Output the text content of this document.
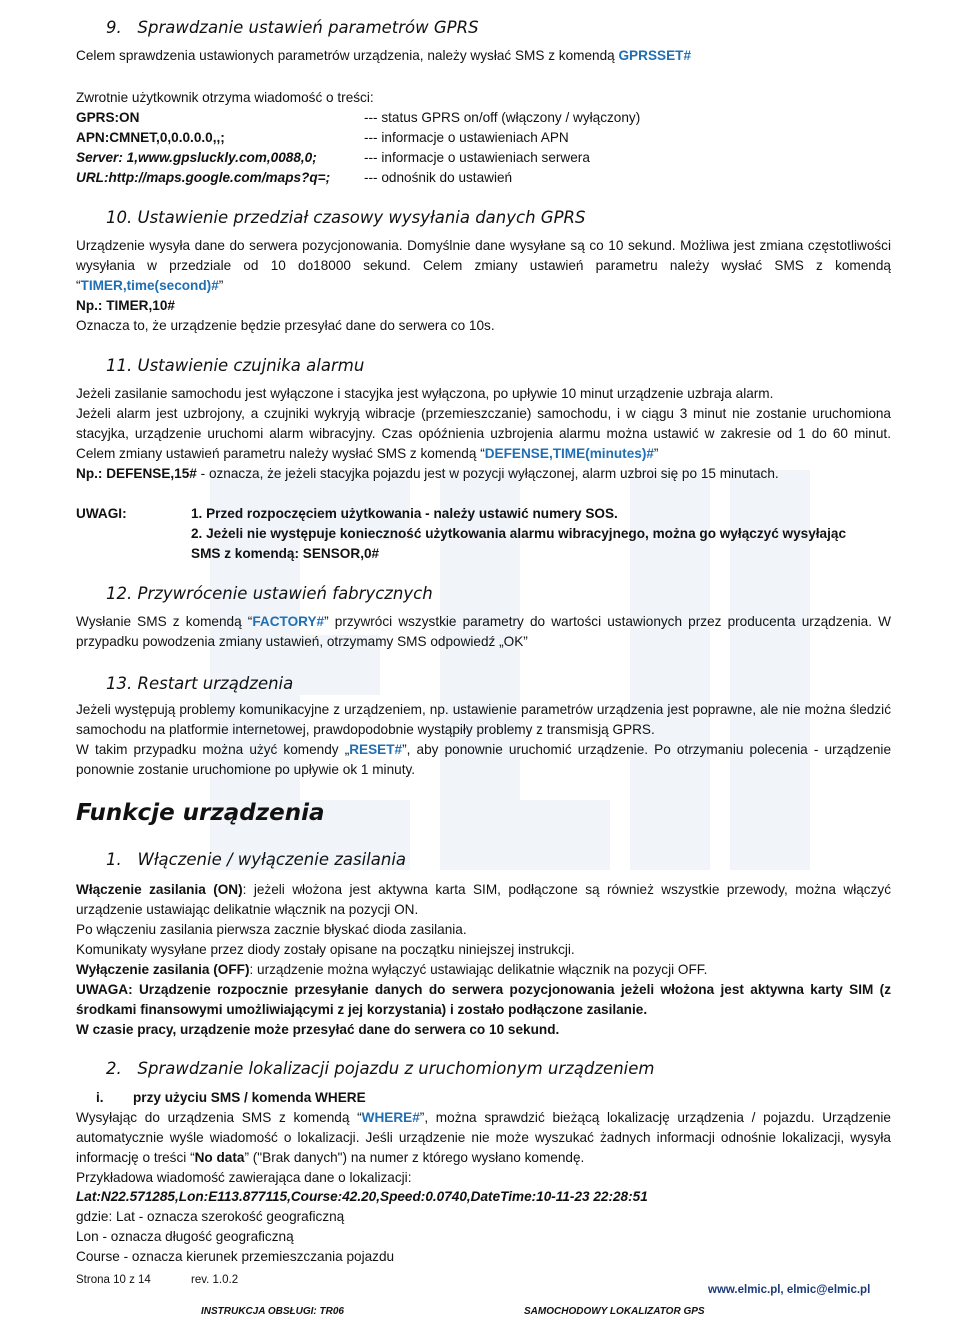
9. Sprawdzanie ustawień parametrów GPRS
Celem sprawdzenia ustawionych parametrów urządzenia, należy wysłać SMS z komendą GPRSSET#
Zwrotnie użytkownik otrzyma wiadomość o treści:
GPRS:ON	--- status GPRS on/off (włączony / wyłączony)
APN:CMNET,0,0.0.0.0,,;	--- informacje o ustawieniach APN
Server: 1,www.gpsluckly.com,0088,0;	--- informacje o ustawieniach serwera
URL:http://maps.google.com/maps?q=; --- odnośnik do ustawień
10. Ustawienie przedział czasowy wysyłania danych GPRS
Urządzenie wysyła dane do serwera pozycjonowania. Domyślnie dane wysyłane są co 10 sekund. Możliwa jest zmiana częstotliwości wysyłania w przedziale od 10 do18000 sekund. Celem zmiany ustawień parametru należy wysłać SMS z komendą “TIMER,time(second)#”
Np.: TIMER,10#
Oznacza to, że urządzenie będzie przesyłać dane do serwera co 10s.
11. Ustawienie czujnika alarmu
Jeżeli zasilanie samochodu jest wyłączone i stacyjka jest wyłączona, po upływie 10 minut urządzenie uzbraja alarm.
Jeżeli alarm jest uzbrojony, a czujniki wykryją wibracje (przemieszczanie) samochodu, i w ciągu 3 minut nie zostanie uruchomiona stacyjka, urządzenie uruchomi alarm wibracyjny. Czas opóźnienia uzbrojenia alarmu można ustawić w zakresie od 1 do 60 minut. Celem zmiany ustawień parametru należy wysłać SMS z komendą “DEFENSE,TIME(minutes)#”
Np.: DEFENSE,15# - oznacza, że jeżeli stacyjka pojazdu jest w pozycji wyłączonej, alarm uzbroi się po 15 minutach.
UWAGI:	1. Przed rozpoczęciem użytkowania - należy ustawić numery SOS.
2. Jeżeli nie występuje konieczność użytkowania alarmu wibracyjnego, można go wyłączyć wysyłając
SMS z komendą: SENSOR,0#
12. Przywrócenie ustawień fabrycznych
Wysłanie SMS z komendą “FACTORY#” przywróci wszystkie parametry do wartości ustawionych przez producenta urządzenia. W przypadku powodzenia zmiany ustawień, otrzymamy SMS odpowiedź „OK”
13. Restart urządzenia
Jeżeli występują problemy komunikacyjne z urządzeniem, np. ustawienie parametrów urządzenia jest poprawne, ale nie można śledzić samochodu na platformie internetowej, prawdopodobnie wystąpiły problemy z transmisją GPRS.
W takim przypadku można użyć komendy „RESET#”, aby ponownie uruchomić urządzenie. Po otrzymaniu polecenia - urządzenie ponownie zostanie uruchomione po upływie ok 1 minuty.
Funkcje urządzenia
1. Włączenie / wyłączenie zasilania
Włączenie zasilania (ON): jeżeli włożona jest aktywna karta SIM, podłączone są również wszystkie przewody, można włączyć urządzenie ustawiając delikatnie włącznik na pozycji ON.
Po włączeniu zasilania pierwsza zacznie błyskać dioda zasilania.
Komunikaty wysyłane przez diody zostały opisane na początku niniejszej instrukcji.
Wyłączenie zasilania (OFF): urządzenie można wyłączyć ustawiając delikatnie włącznik na pozycji OFF.
UWAGA: Urządzenie rozpocznie przesyłanie danych do serwera pozycjonowania jeżeli włożona jest aktywna karty SIM (z środkami finansowymi umożliwiającymi z jej korzystania) i zostało podłączone zasilanie.
W czasie pracy, urządzenie może przesyłać dane do serwera co 10 sekund.
2. Sprawdzanie lokalizacji pojazdu z uruchomionym urządzeniem
i. przy użyciu SMS / komenda WHERE
Wysyłając do urządzenia SMS z komendą “WHERE#”, można sprawdzić bieżącą lokalizację urządzenia / pojazdu. Urządzenie automatycznie wyśle wiadomość o lokalizacji. Jeśli urządzenie nie może wyszukać żadnych informacji odnośnie lokalizacji, wysyła informację o treści “No data” ("Brak danych") na numer z którego wysłano komendę.
Przykładowa wiadomość zawierająca dane o lokalizacji:
Lat:N22.571285,Lon:E113.877115,Course:42.20,Speed:0.0740,DateTime:10-11-23 22:28:51
gdzie: Lat - oznacza szerokość geograficzną
Lon - oznacza długość geograficzną
Course - oznacza kierunek przemieszczania pojazdu
Strona 10 z 14	rev. 1.0.2
www.elmic.pl, elmic@elmic.pl
INSTRUKCJA OBSŁUGI: TR06	SAMOCHODOWY LOKALIZATOR GPS
